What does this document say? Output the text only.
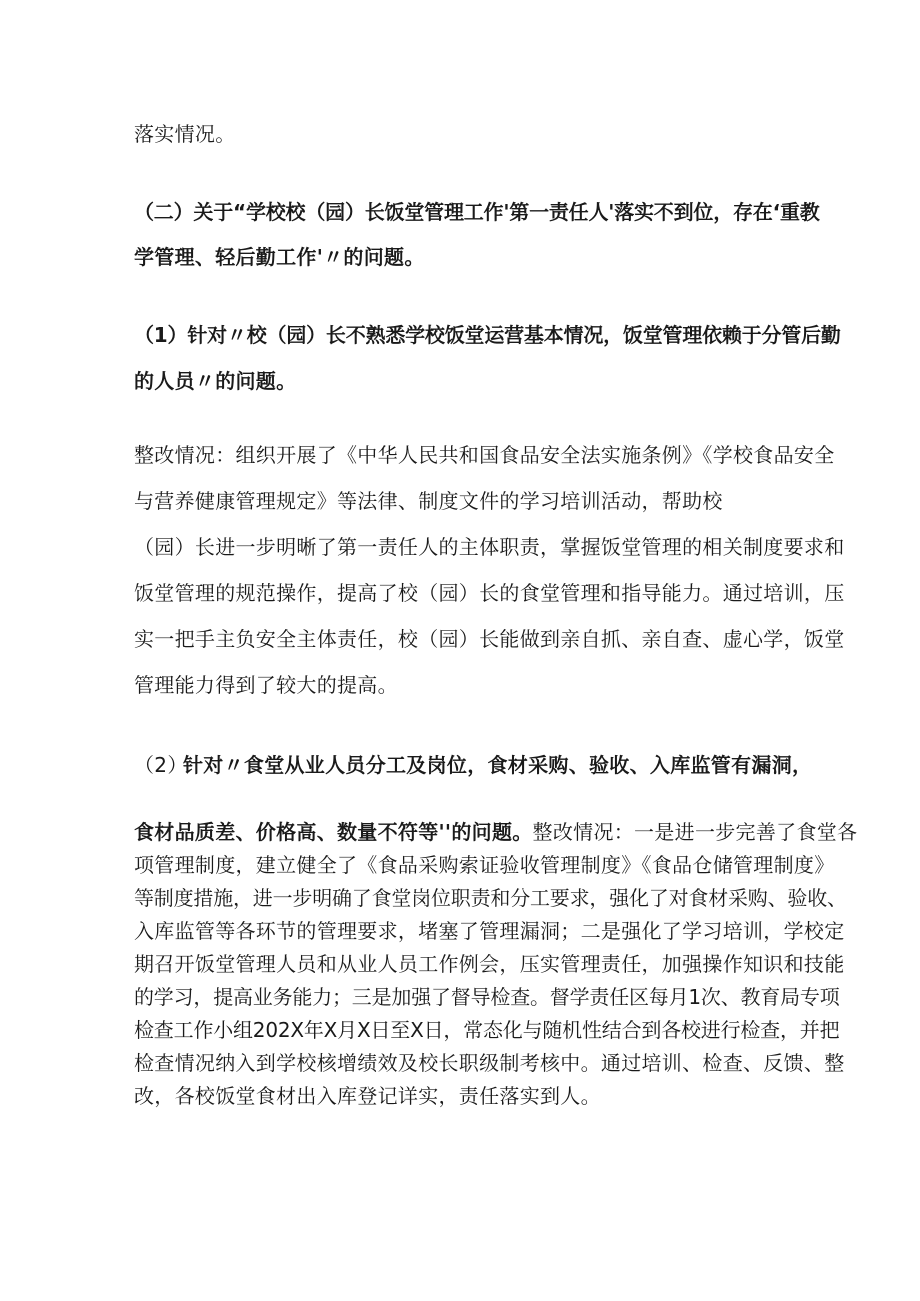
落实情况。
（二）关于“学校校（园）长饭堂管理工作'第一责任人'落实不到位，存在‘重教
学管理、轻后勤工作'〃的问题。
（1）针对〃校（园）长不熟悉学校饭堂运营基本情况，饭堂管理依赖于分管后勤
的人员〃的问题。
整改情况：组织开展了《中华人民共和国食品安全法实施条例》《学校食品安全
与营养健康管理规定》等法律、制度文件的学习培训活动，帮助校
（园）长进一步明晰了第一责任人的主体职责，掌握饭堂管理的相关制度要求和
饭堂管理的规范操作，提高了校（园）长的食堂管理和指导能力。通过培训，压
实一把手主负安全主体责任，校（园）长能做到亲自抓、亲自查、虚心学，饭堂
管理能力得到了较大的提高。
（2）
针对〃食堂从业人员分工及岗位，食材采购、验收、入库监管有漏洞，
食材品质差、价格高、数量不符等''的问题。整改情况：一是进一步完善了食堂各
项管理制度，建立健全了《食品采购索证验收管理制度》《食品仓储管理制度》
等制度措施，进一步明确了食堂岗位职责和分工要求，强化了对食材采购、验收、
入库监管等各环节的管理要求，堵塞了管理漏洞；二是强化了学习培训，学校定
期召开饭堂管理人员和从业人员工作例会，压实管理责任，加强操作知识和技能
的学习，提高业务能力；三是加强了督导检查。督学责任区每月1次、教育局专项
检查工作小组202X年X月X日至X日，常态化与随机性结合到各校进行检查，并把
检查情况纳入到学校核增绩效及校长职级制考核中。通过培训、检查、反馈、整
改，各校饭堂食材出入库登记详实，责任落实到人。
